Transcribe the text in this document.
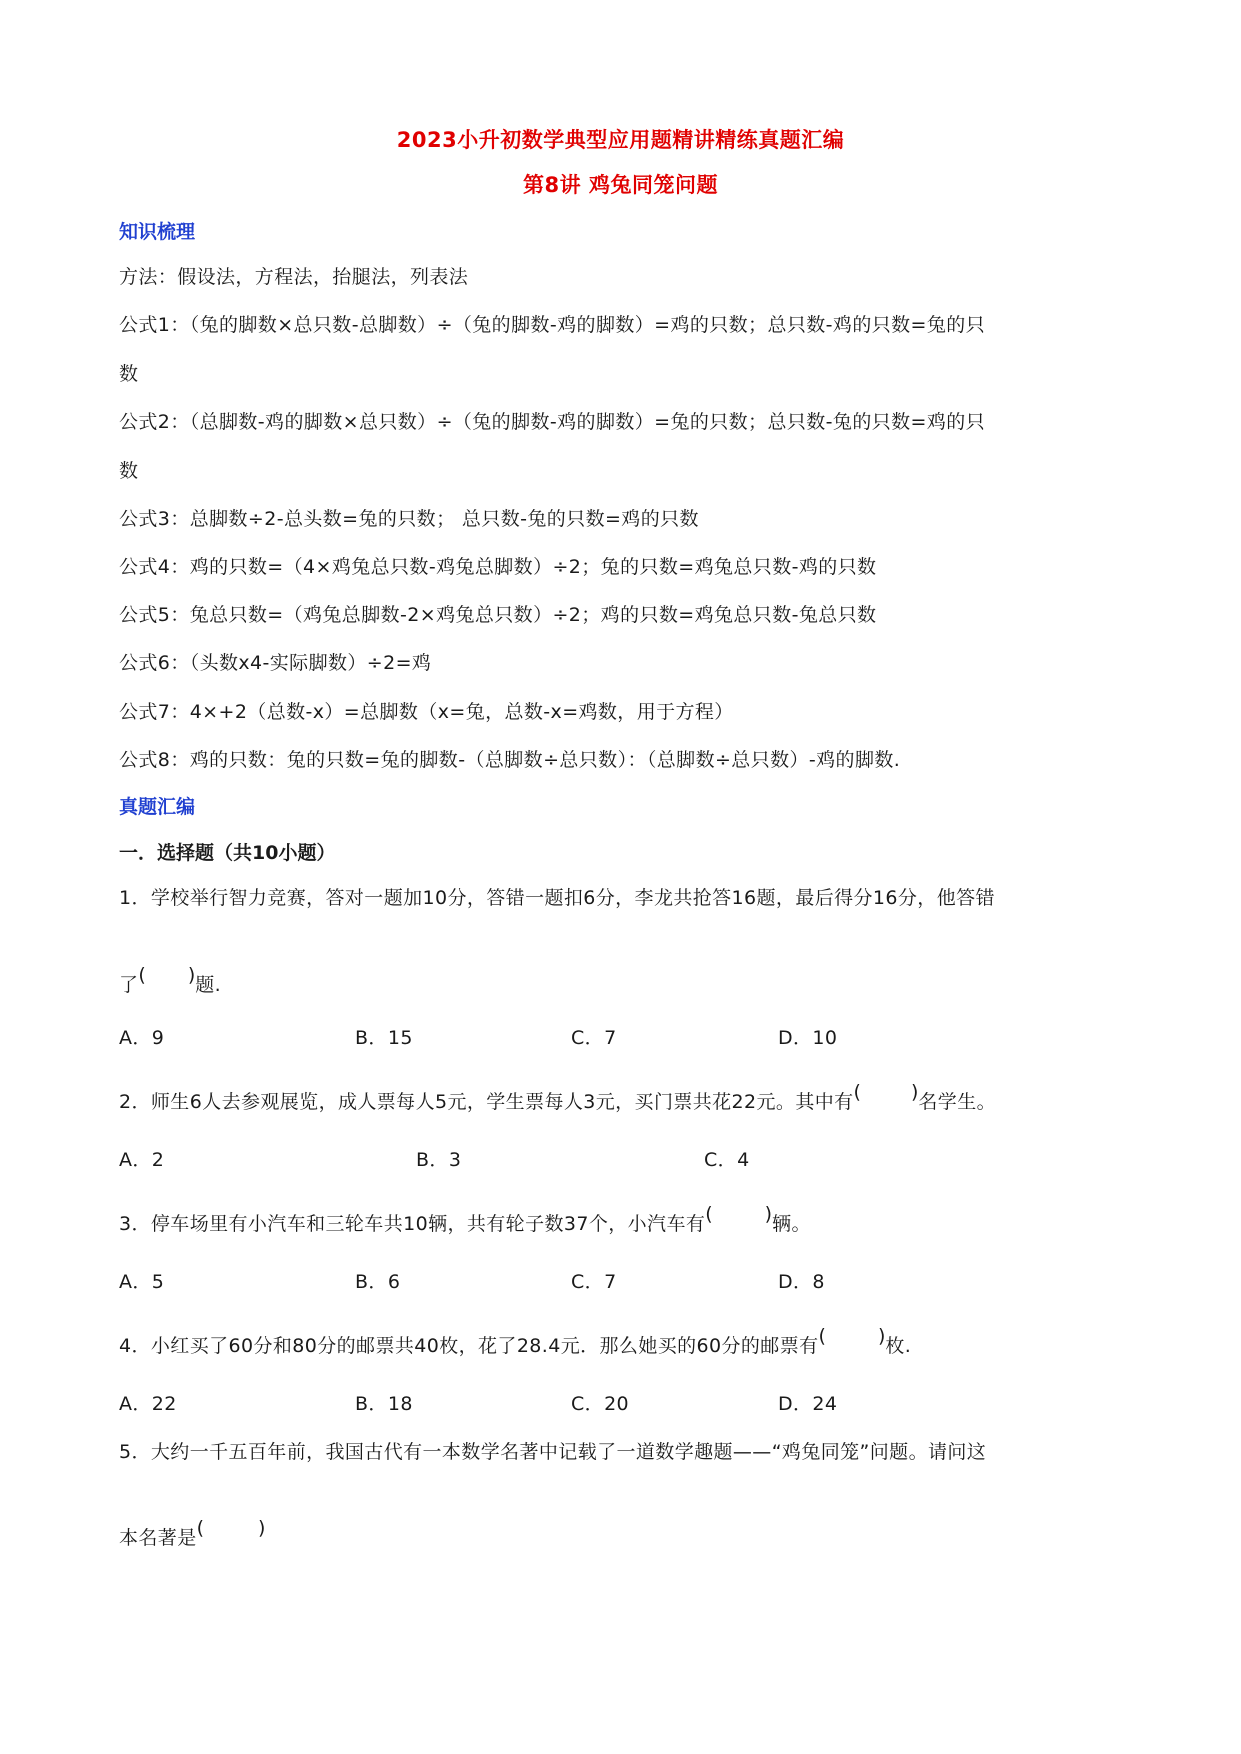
2023小升初数学典型应用题精讲精练真题汇编
第8讲 鸡兔同笼问题
知识梳理
方法：假设法，方程法，抬腿法，列表法
公式1：（兔的脚数×总只数-总脚数）÷（兔的脚数-鸡的脚数）=鸡的只数；总只数-鸡的只数=兔的只
数
公式2：（总脚数-鸡的脚数×总只数）÷（兔的脚数-鸡的脚数）=兔的只数；总只数-兔的只数=鸡的只
数
公式3：总脚数÷2-总头数=兔的只数； 总只数-兔的只数=鸡的只数
公式4：鸡的只数=（4×鸡兔总只数-鸡兔总脚数）÷2；兔的只数=鸡兔总只数-鸡的只数
公式5：兔总只数=（鸡兔总脚数-2×鸡兔总只数）÷2；鸡的只数=鸡兔总只数-兔总只数
公式6：（头数x4-实际脚数）÷2=鸡
公式7：4×+2（总数-x）=总脚数（x=兔，总数-x=鸡数，用于方程）
公式8：鸡的只数：兔的只数=兔的脚数-（总脚数÷总只数）：（总脚数÷总只数）-鸡的脚数.
真题汇编
一．选择题（共10小题）
1．学校举行智力竞赛，答对一题加10分，答错一题扣6分，李龙共抢答16题，最后得分16分，他答错
了( )题.
A．9	B．15	C．7	D．10
2．师生6人去参观展览，成人票每人5元，学生票每人3元，买门票共花22元。其中有(	)名学生。
A．2	B．3	C．4
3．停车场里有小汽车和三轮车共10辆，共有轮子数37个，小汽车有(	)辆。
A．5	B．6	C．7	D．8
4．小红买了60分和80分的邮票共40枚，花了28.4元．那么她买的60分的邮票有(	)枚.
A．22	B．18	C．20	D．24
5．大约一千五百年前，我国古代有一本数学名著中记载了一道数学趣题——“鸡兔同笼”问题。请问这
本名著是(	)
